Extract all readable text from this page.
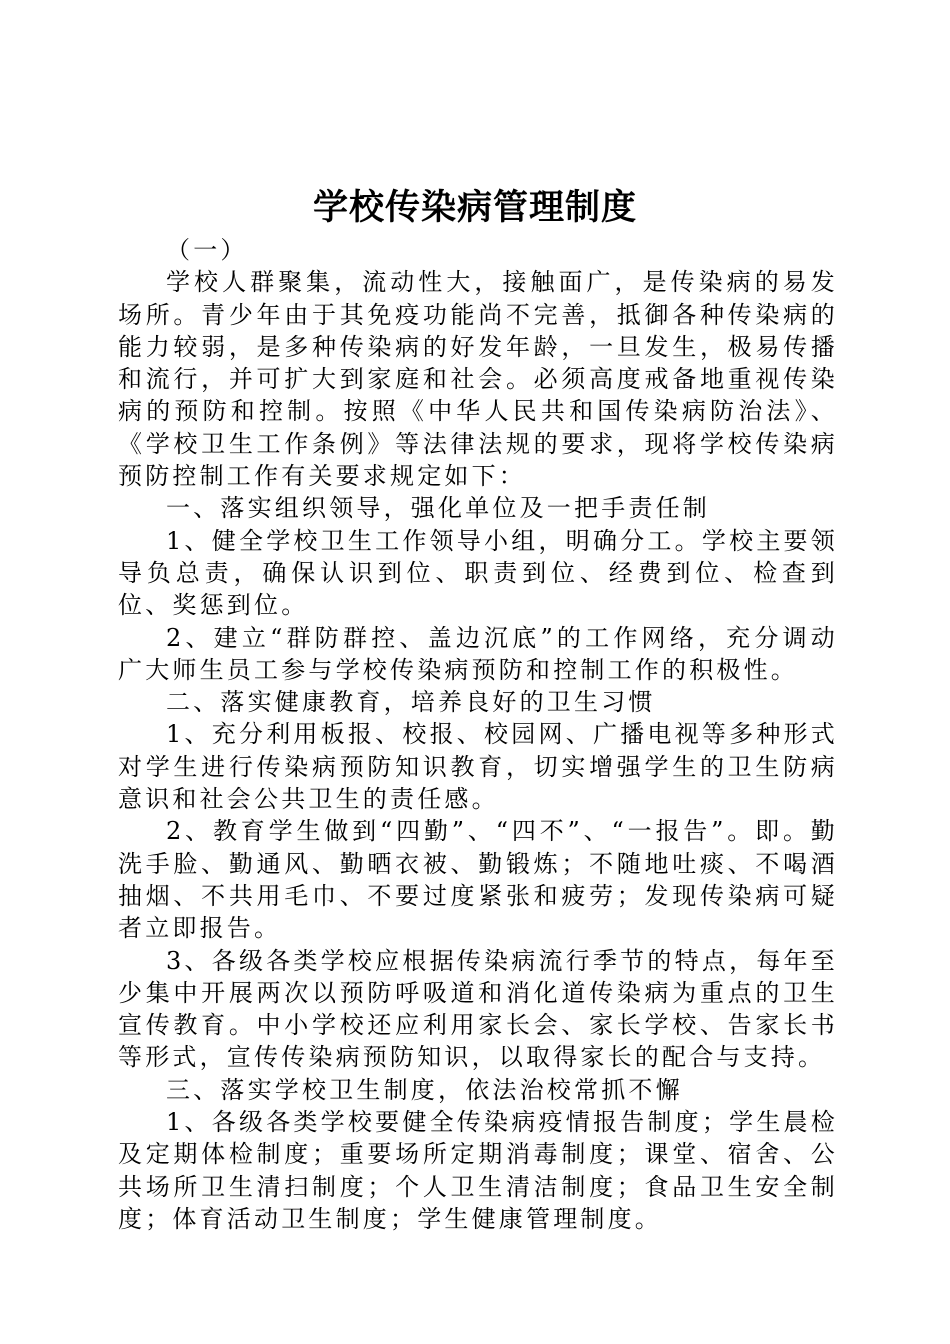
学校传染病管理制度

（一）

学校人群聚集，流动性大，接触面广，是传染病的易发场所。青少年由于其免疫功能尚不完善，抵御各种传染病的能力较弱，是多种传染病的好发年龄，一旦发生，极易传播和流行，并可扩大到家庭和社会。必须高度戒备地重视传染病的预防和控制。按照《中华人民共和国传染病防治法》、《学校卫生工作条例》等法律法规的要求，现将学校传染病预防控制工作有关要求规定如下：

一、落实组织领导，强化单位及一把手责任制

1、健全学校卫生工作领导小组，明确分工。学校主要领导负总责，确保认识到位、职责到位、经费到位、检查到位、奖惩到位。

2、建立“群防群控、盖边沉底”的工作网络，充分调动广大师生员工参与学校传染病预防和控制工作的积极性。

二、落实健康教育，培养良好的卫生习惯

1、充分利用板报、校报、校园网、广播电视等多种形式对学生进行传染病预防知识教育，切实增强学生的卫生防病意识和社会公共卫生的责任感。

2、教育学生做到“四勤”、“四不”、“一报告”。即。勤洗手脸、勤通风、勤晒衣被、勤锻炼；不随地吐痰、不喝酒抽烟、不共用毛巾、不要过度紧张和疲劳；发现传染病可疑者立即报告。

3、各级各类学校应根据传染病流行季节的特点，每年至少集中开展两次以预防呼吸道和消化道传染病为重点的卫生宣传教育。中小学校还应利用家长会、家长学校、告家长书等形式，宣传传染病预防知识，以取得家长的配合与支持。

三、落实学校卫生制度，依法治校常抓不懈

1、各级各类学校要健全传染病疫情报告制度；学生晨检及定期体检制度；重要场所定期消毒制度；课堂、宿舍、公共场所卫生清扫制度；个人卫生清洁制度；食品卫生安全制度；体育活动卫生制度；学生健康管理制度。
